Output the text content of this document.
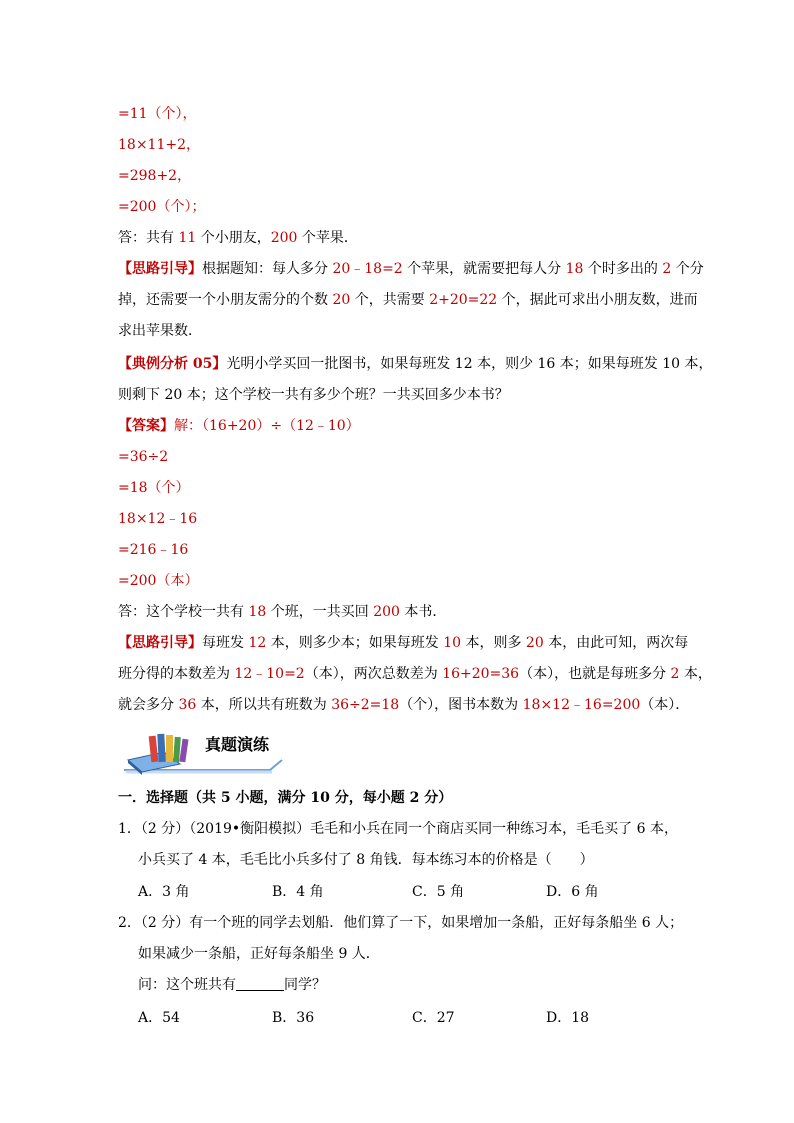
=11（个），

18×11+2，

=298+2，

=200（个）；

答：共有 11 个小朋友，200 个苹果．

【思路引导】根据题知：每人多分 20﹣18=2 个苹果，就需要把每人分 18 个时多出的 2 个分

掉，还需要一个小朋友需分的个数 20 个，共需要 2+20=22 个，据此可求出小朋友数，进而

求出苹果数．

【典例分析 05】光明小学买回一批图书，如果每班发 12 本，则少 16 本；如果每班发 10 本，

则剩下 20 本；这个学校一共有多少个班？一共买回多少本书？

【答案】解：（16+20）÷（12﹣10）

=36÷2

=18（个）

18×12﹣16

=216﹣16

=200（本）

答：这个学校一共有 18 个班，一共买回 200 本书．

【思路引导】每班发 12 本，则多少本；如果每班发 10 本，则多 20 本，由此可知，两次每

班分得的本数差为 12﹣10=2（本），两次总数差为 16+20=36（本），也就是每班多分 2 本，

就会多分 36 本，所以共有班数为 36÷2=18（个），图书本数为 18×12﹣16=200（本）．

真题演练

一．选择题（共 5 小题，满分 10 分，每小题 2 分）

1．（2 分）（2019•衡阳模拟）毛毛和小兵在同一个商店买同一种练习本，毛毛买了 6 本，

小兵买了 4 本，毛毛比小兵多付了 8 角钱．每本练习本的价格是（　　）

A．3 角	B．4 角	C．5 角	D．6 角

2．（2 分）有一个班的同学去划船．他们算了一下，如果增加一条船，正好每条船坐 6 人；

如果减少一条船，正好每条船坐 9 人．

问：这个班共有	同学？

A．54	B．36	C．27	D．18
